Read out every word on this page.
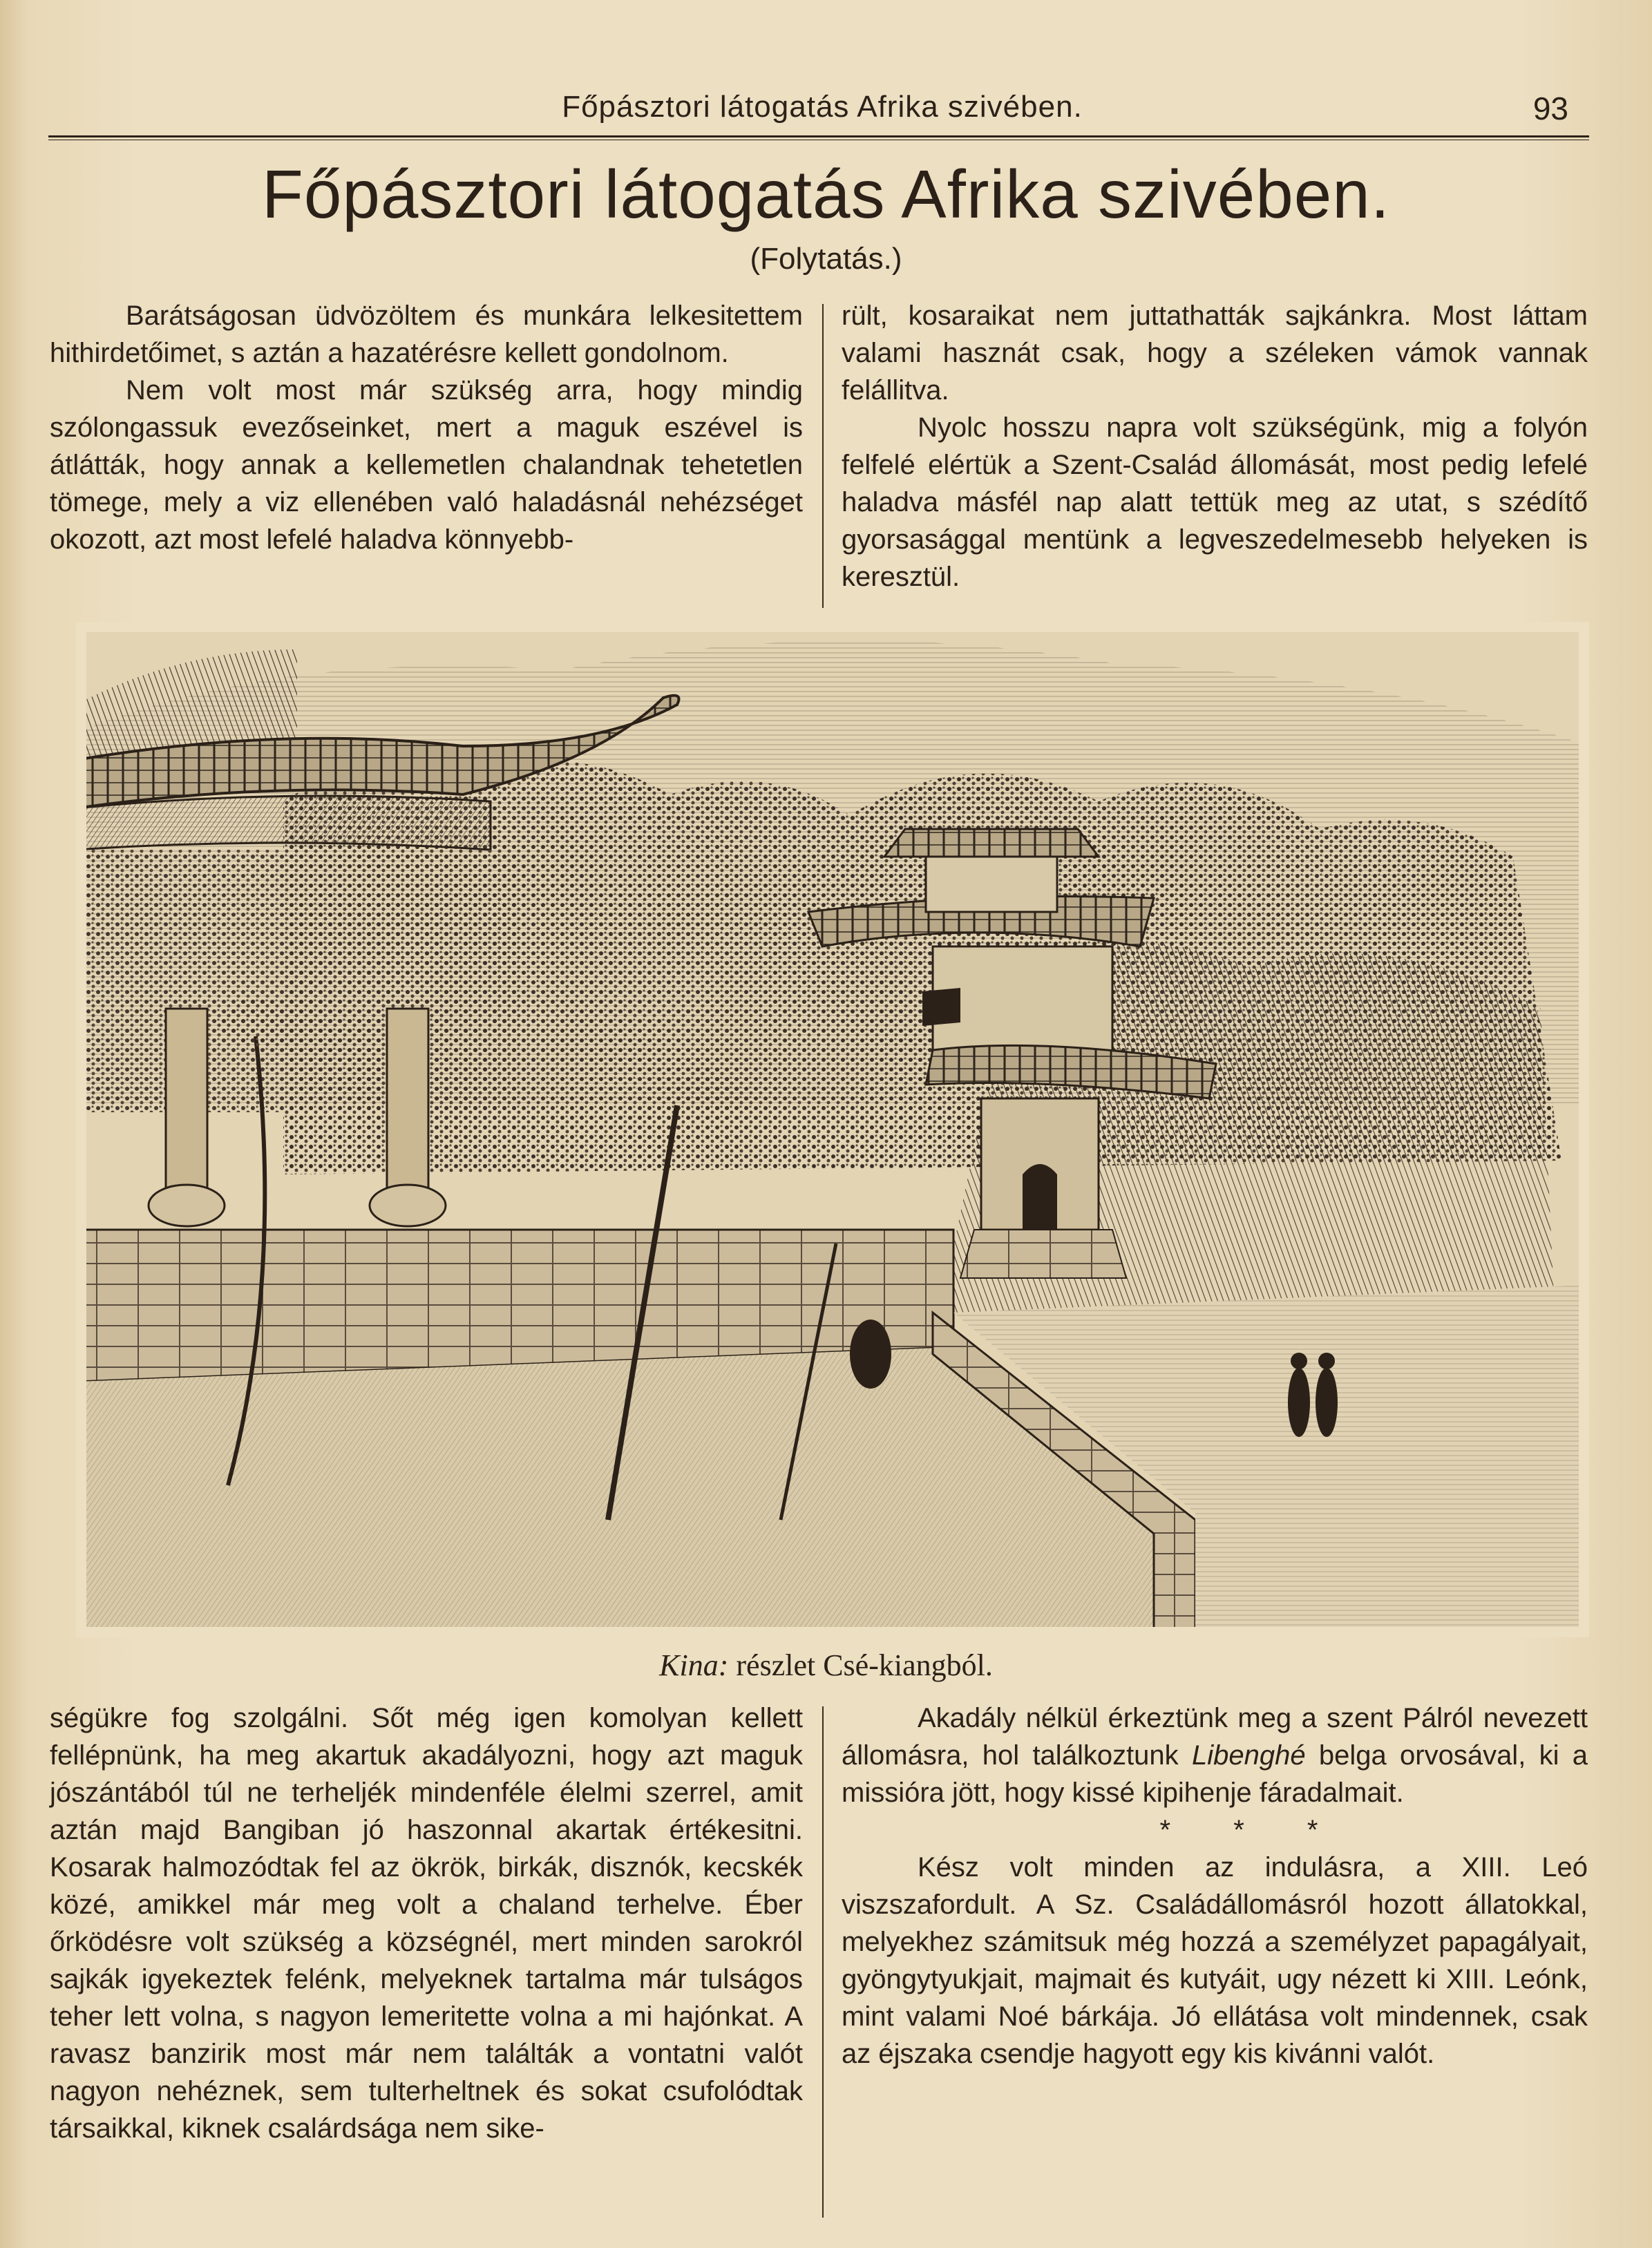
Főpásztori látogatás Afrika szivében.	93
Főpásztori látogatás Afrika szivében.
(Folytatás.)

Barátságosan üdvözöltem és munkára lelkesitettem hithirdetőimet, s aztán a hazatérésre kellett gondolnom.

Nem volt most már szükség arra, hogy mindig szólongassuk evezőseinket, mert a maguk eszével is átlátták, hogy annak a kellemetlen chalandnak tehetetlen tömege, mely a viz ellenében való haladásnál nehézséget okozott, azt most lefelé haladva könnyebb-

rült, kosaraikat nem juttathatták sajkánkra. Most láttam valami hasznát csak, hogy a széleken vámok vannak felállitva.

Nyolc hosszu napra volt szükségünk, mig a folyón felfelé elértük a Szent-Család állomását, most pedig lefelé haladva másfél nap alatt tettük meg az utat, s szédítő gyorsasággal mentünk a legveszedelmesebb helyeken is keresztül.

Kina: részlet Csé-kiangból.

ségükre fog szolgálni. Sőt még igen komolyan kellett fellépnünk, ha meg akartuk akadályozni, hogy azt maguk jószántából túl ne terheljék mindenféle élelmi szerrel, amit aztán majd Bangiban jó haszonnal akartak értékesitni. Kosarak halmozódtak fel az ökrök, birkák, disznók, kecskék közé, amikkel már meg volt a chaland terhelve. Éber őrködésre volt szükség a községnél, mert minden sarokról sajkák igyekeztek felénk, melyeknek tartalma már tulságos teher lett volna, s nagyon lemeritette volna a mi hajónkat. A ravasz banzirik most már nem találták a vontatni valót nagyon nehéznek, sem tulterheltnek és sokat csufolódtak társaikkal, kiknek csalárdsága nem sike-

Akadály nélkül érkeztünk meg a szent Pálról nevezett állomásra, hol találkoztunk Libenghé belga orvosával, ki a missióra jött, hogy kissé kipihenje fáradalmait.

* * *

Kész volt minden az indulásra, a XIII. Leó viszszafordult. A Sz. Családállomásról hozott állatokkal, melyekhez számitsuk még hozzá a személyzet papagályait, gyöngytyukjait, majmait és kutyáit, ugy nézett ki XIII. Leónk, mint valami Noé bárkája. Jó ellátása volt mindennek, csak az éjszaka csendje hagyott egy kis kivánni valót.
